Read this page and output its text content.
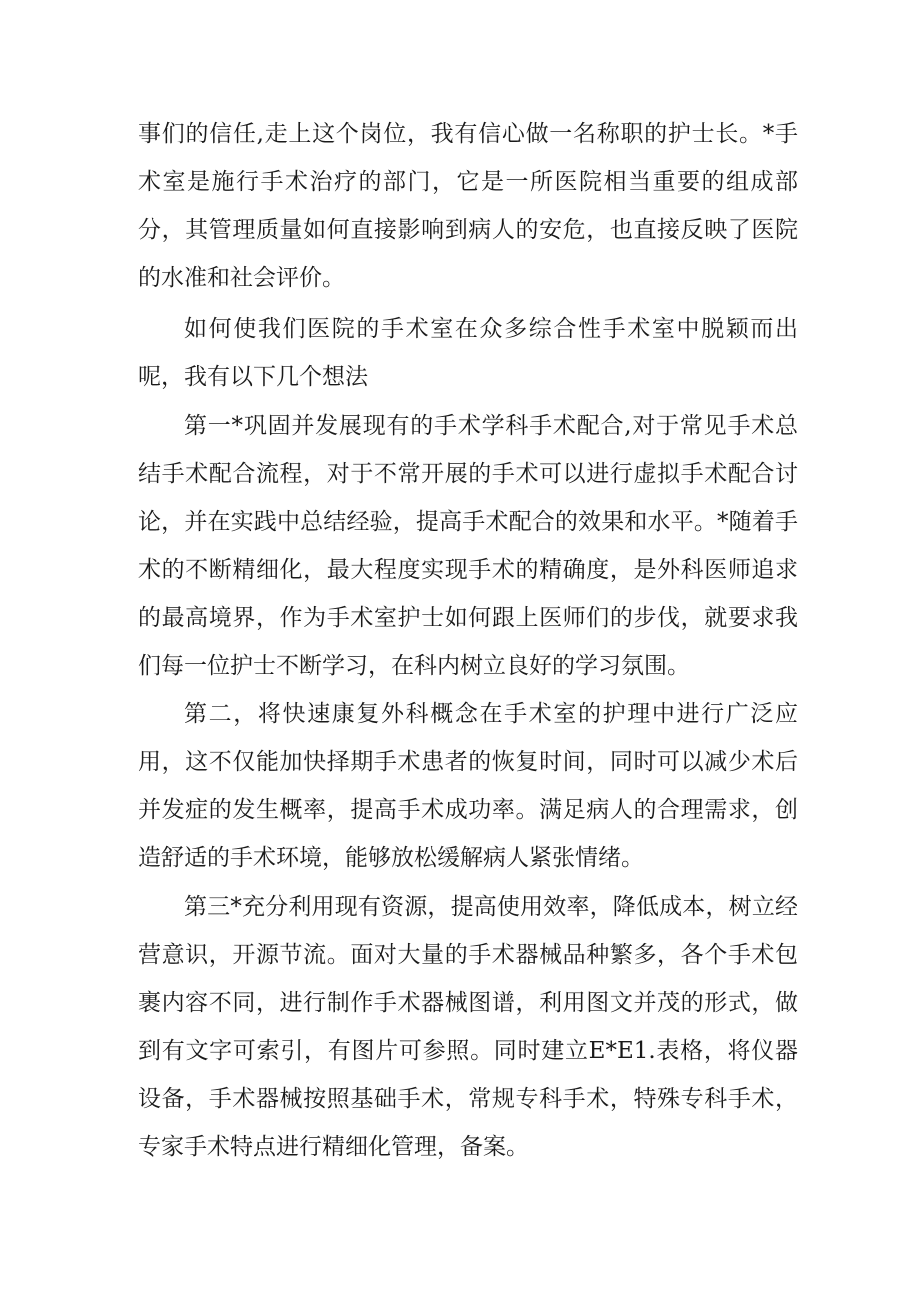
事们的信任,走上这个岗位，我有信心做一名称职的护士长。*手术室是施行手术治疗的部门，它是一所医院相当重要的组成部分，其管理质量如何直接影响到病人的安危，也直接反映了医院的水准和社会评价。

如何使我们医院的手术室在众多综合性手术室中脱颖而出呢，我有以下几个想法

第一*巩固并发展现有的手术学科手术配合,对于常见手术总结手术配合流程，对于不常开展的手术可以进行虚拟手术配合讨论，并在实践中总结经验，提高手术配合的效果和水平。*随着手术的不断精细化，最大程度实现手术的精确度，是外科医师追求的最高境界，作为手术室护士如何跟上医师们的步伐，就要求我们每一位护士不断学习，在科内树立良好的学习氛围。

第二，将快速康复外科概念在手术室的护理中进行广泛应用，这不仅能加快择期手术患者的恢复时间，同时可以减少术后并发症的发生概率，提高手术成功率。满足病人的合理需求，创造舒适的手术环境，能够放松缓解病人紧张情绪。

第三*充分利用现有资源，提高使用效率，降低成本，树立经营意识，开源节流。面对大量的手术器械品种繁多，各个手术包裹内容不同，进行制作手术器械图谱，利用图文并茂的形式，做到有文字可索引，有图片可参照。同时建立E*E1.表格，将仪器设备，手术器械按照基础手术，常规专科手术，特殊专科手术，专家手术特点进行精细化管理，备案。
